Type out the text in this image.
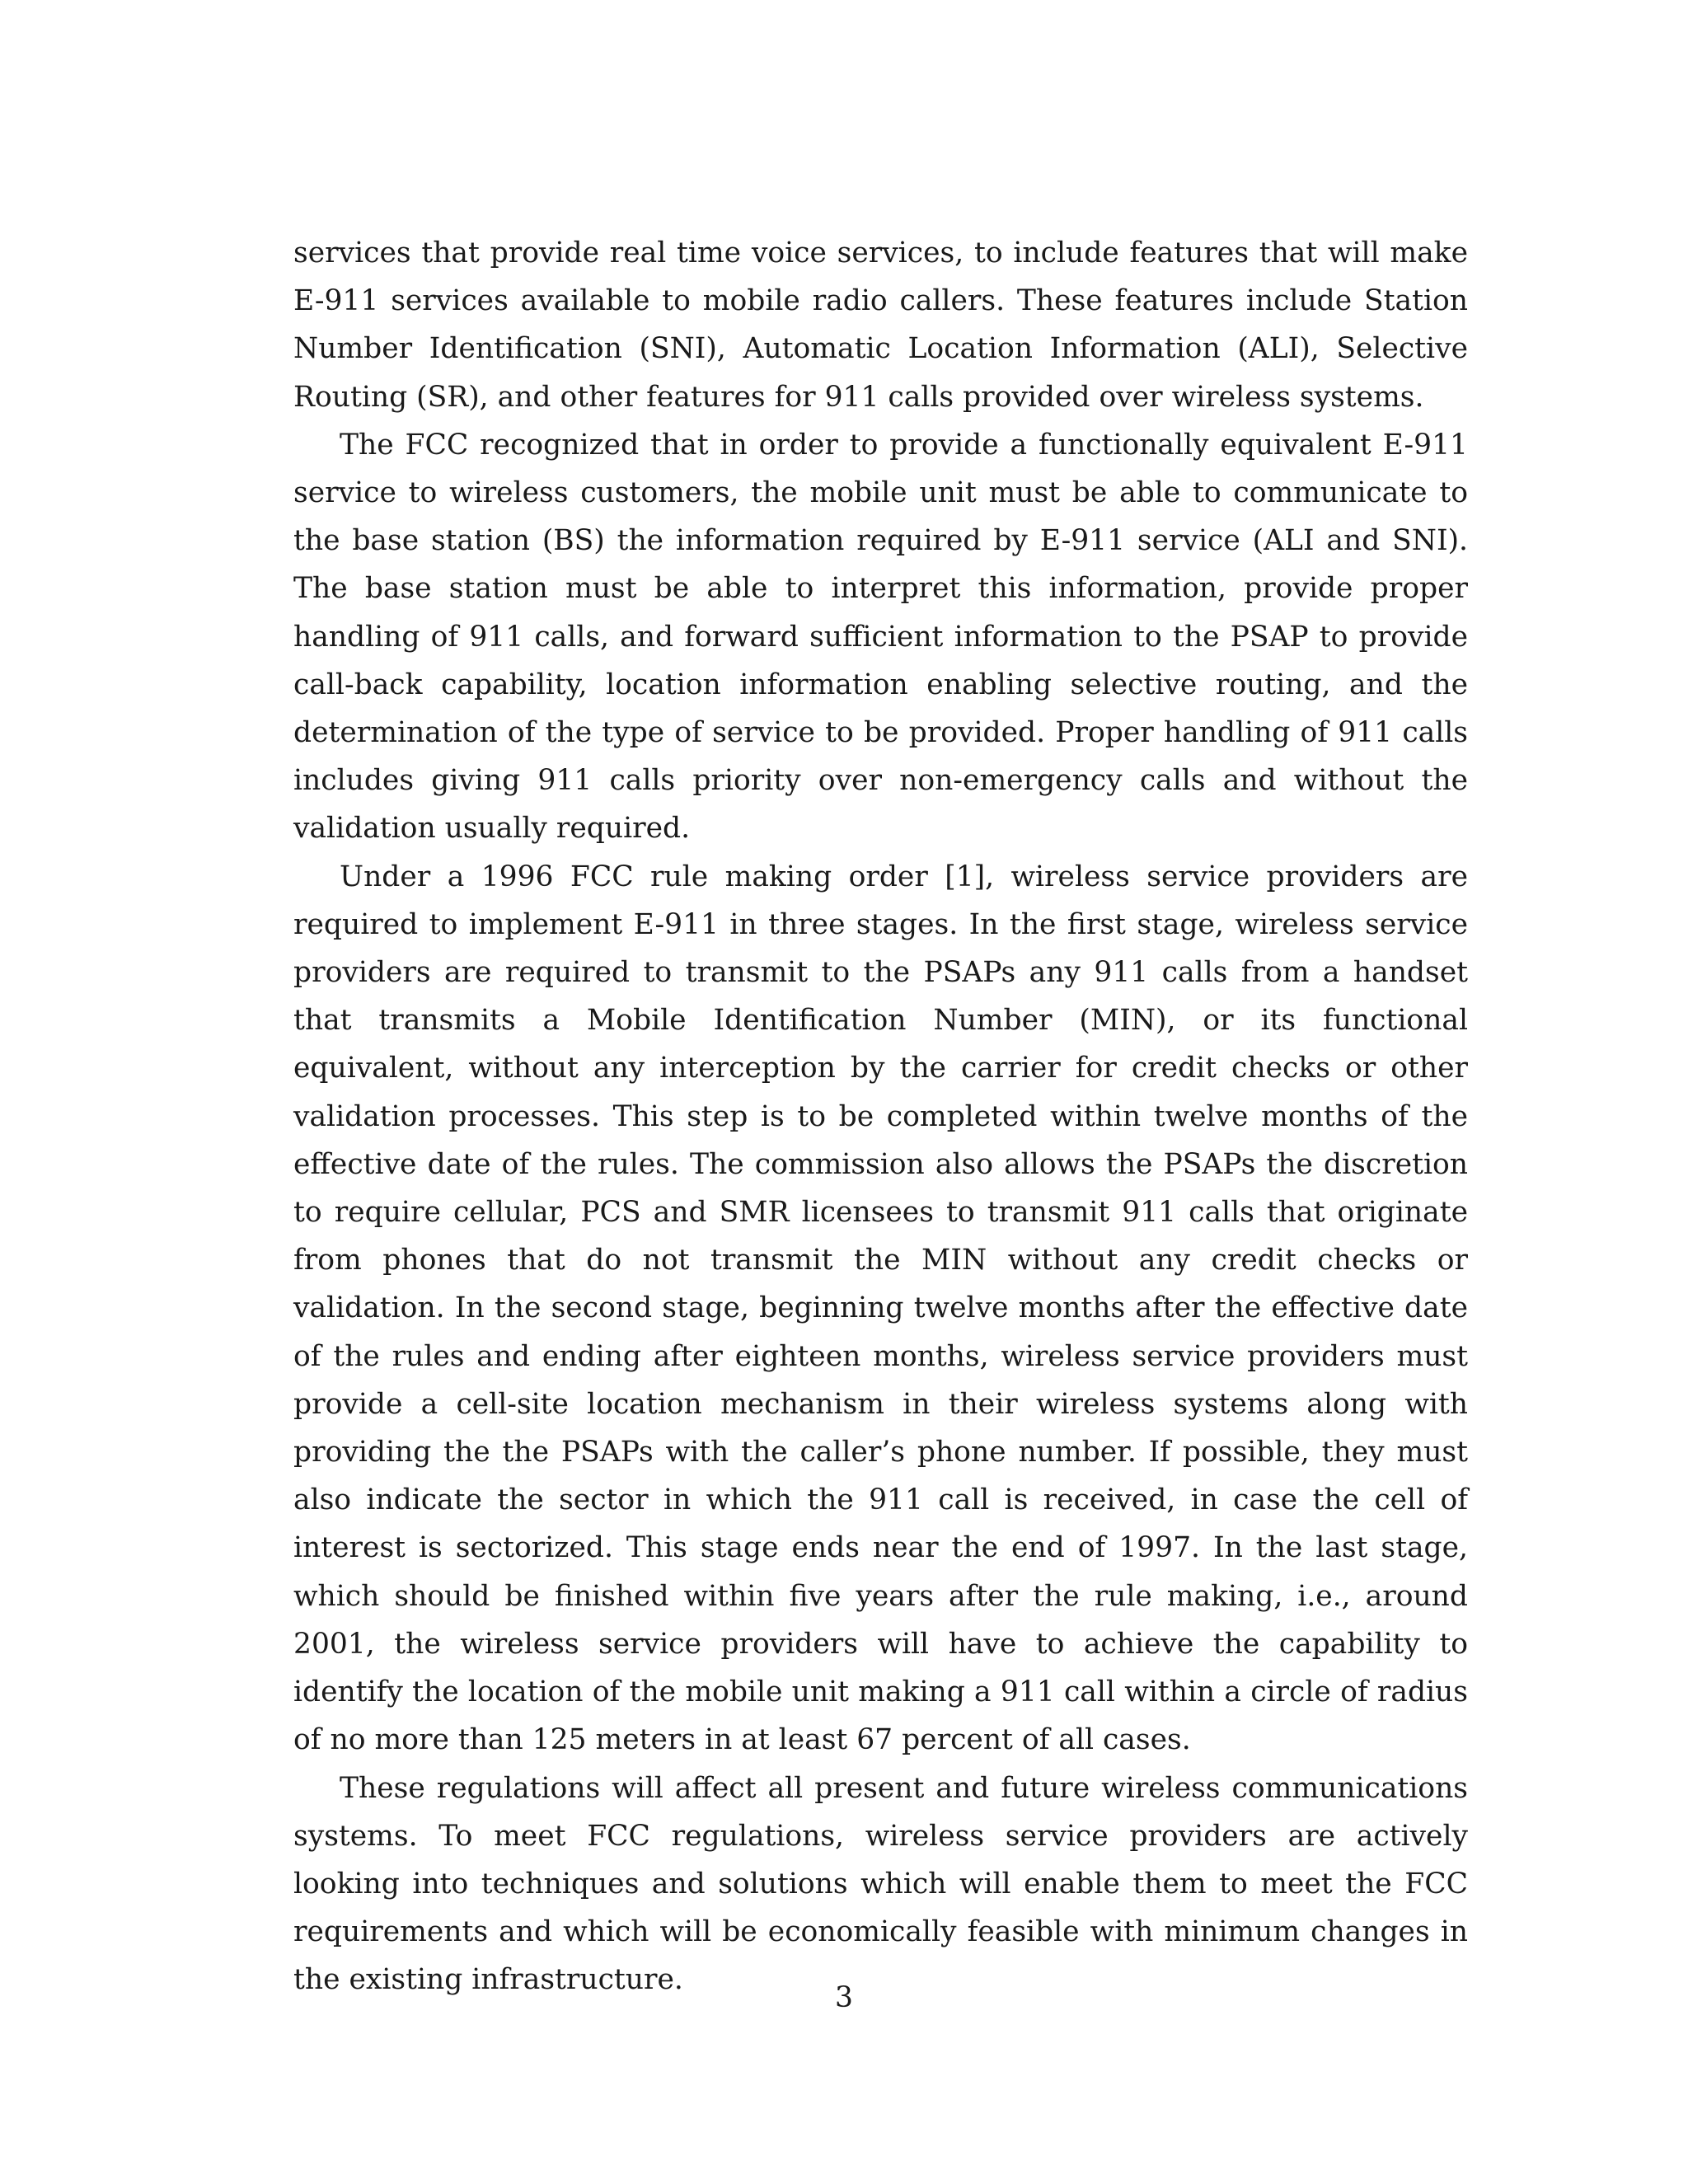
services that provide real time voice services, to include features that will make E-911 services available to mobile radio callers. These features include Station Number Identification (SNI), Automatic Location Information (ALI), Selective Routing (SR), and other features for 911 calls provided over wireless systems.

The FCC recognized that in order to provide a functionally equivalent E-911 service to wireless customers, the mobile unit must be able to communicate to the base station (BS) the information required by E-911 service (ALI and SNI). The base station must be able to interpret this information, provide proper handling of 911 calls, and forward sufficient information to the PSAP to provide call-back capability, location information enabling selective routing, and the determination of the type of service to be provided. Proper handling of 911 calls includes giving 911 calls priority over non-emergency calls and without the validation usually required.

Under a 1996 FCC rule making order [1], wireless service providers are required to implement E-911 in three stages. In the first stage, wireless service providers are required to transmit to the PSAPs any 911 calls from a handset that transmits a Mobile Identification Number (MIN), or its functional equivalent, without any interception by the carrier for credit checks or other validation processes. This step is to be completed within twelve months of the effective date of the rules. The commission also allows the PSAPs the discretion to require cellular, PCS and SMR licensees to transmit 911 calls that originate from phones that do not transmit the MIN without any credit checks or validation. In the second stage, beginning twelve months after the effective date of the rules and ending after eighteen months, wireless service providers must provide a cell-site location mechanism in their wireless systems along with providing the the PSAPs with the caller’s phone number. If possible, they must also indicate the sector in which the 911 call is received, in case the cell of interest is sectorized. This stage ends near the end of 1997. In the last stage, which should be finished within five years after the rule making, i.e., around 2001, the wireless service providers will have to achieve the capability to identify the location of the mobile unit making a 911 call within a circle of radius of no more than 125 meters in at least 67 percent of all cases.

These regulations will affect all present and future wireless communications systems. To meet FCC regulations, wireless service providers are actively looking into techniques and solutions which will enable them to meet the FCC requirements and which will be economically feasible with minimum changes in the existing infrastructure.

3
